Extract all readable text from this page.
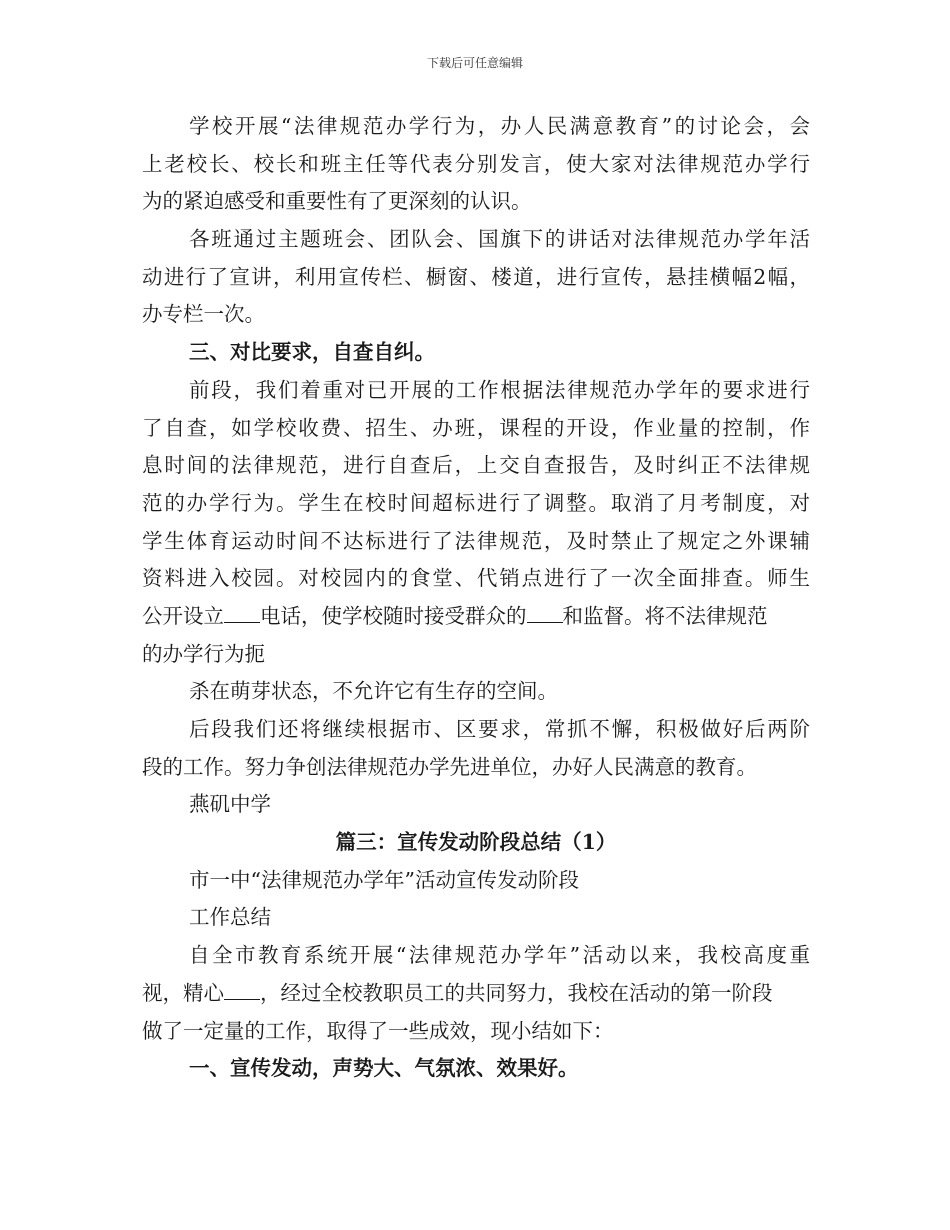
下载后可任意编辑
学校开展“法律规范办学行为，办人民满意教育”的讨论会，会
上老校长、校长和班主任等代表分别发言，使大家对法律规范办学行
为的紧迫感受和重要性有了更深刻的认识。
各班通过主题班会、团队会、国旗下的讲话对法律规范办学年活
动进行了宣讲，利用宣传栏、橱窗、楼道，进行宣传，悬挂横幅2幅，
办专栏一次。
三、对比要求，自查自纠。
前段，我们着重对已开展的工作根据法律规范办学年的要求进行
了自查，如学校收费、招生、办班，课程的开设，作业量的控制，作
息时间的法律规范，进行自查后，上交自查报告，及时纠正不法律规
范的办学行为。学生在校时间超标进行了调整。取消了月考制度，对
学生体育运动时间不达标进行了法律规范，及时禁止了规定之外课辅
资料进入校园。对校园内的食堂、代销点进行了一次全面排查。师生
公开设立 电话，使学校随时接受群众的 和监督。将不法律规范
的办学行为扼
杀在萌芽状态，不允许它有生存的空间。
后段我们还将继续根据市、区要求，常抓不懈，积极做好后两阶
段的工作。努力争创法律规范办学先进单位，办好人民满意的教育。
燕矶中学
篇三：宣传发动阶段总结（1）
市一中“法律规范办学年”活动宣传发动阶段
工作总结
自全市教育系统开展“法律规范办学年”活动以来，我校高度重
视，精心 ，经过全校教职员工的共同努力，我校在活动的第一阶段
做了一定量的工作，取得了一些成效，现小结如下：
一、宣传发动，声势大、气氛浓、效果好。
